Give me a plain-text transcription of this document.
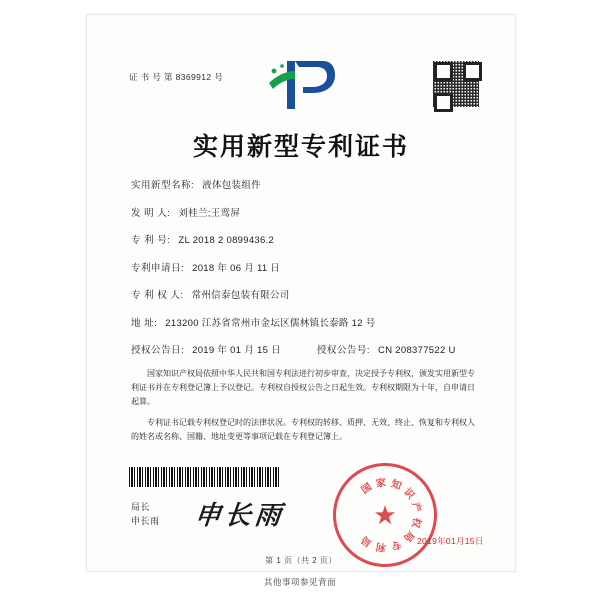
证 书 号 第 8369912 号
实用新型专利证书
实用新型名称: 液体包装组件
发 明 人: 刘桂兰;王鸾屏
专 利 号: ZL 2018 2 0899436.2
专利申请日: 2018 年 06 月 11 日
专 利 权 人: 常州信泰包装有限公司
地 址: 213200 江苏省常州市金坛区儒林镇长泰路 12 号
授权公告日: 2019 年 01 月 15 日	授权公告号: CN 208377522 U

国家知识产权局依照中华人民共和国专利法进行初步审查，决定授予专利权，颁发实用新型专利证书并在专利登记簿上予以登记。专利权自授权公告之日起生效。专利权期限为十年，自申请日起算。

专利证书记载专利权登记时的法律状况。专利权的转移、质押、无效、终止、恢复和专利权人的姓名或名称、国籍、地址变更等事项记载在专利登记簿上。

局长
申长雨 申长雨
国 家 知
识
产
权
局
专
利
局
★
2019年01月15日
第 1 页（共 2 页）
其他事项参见背面
